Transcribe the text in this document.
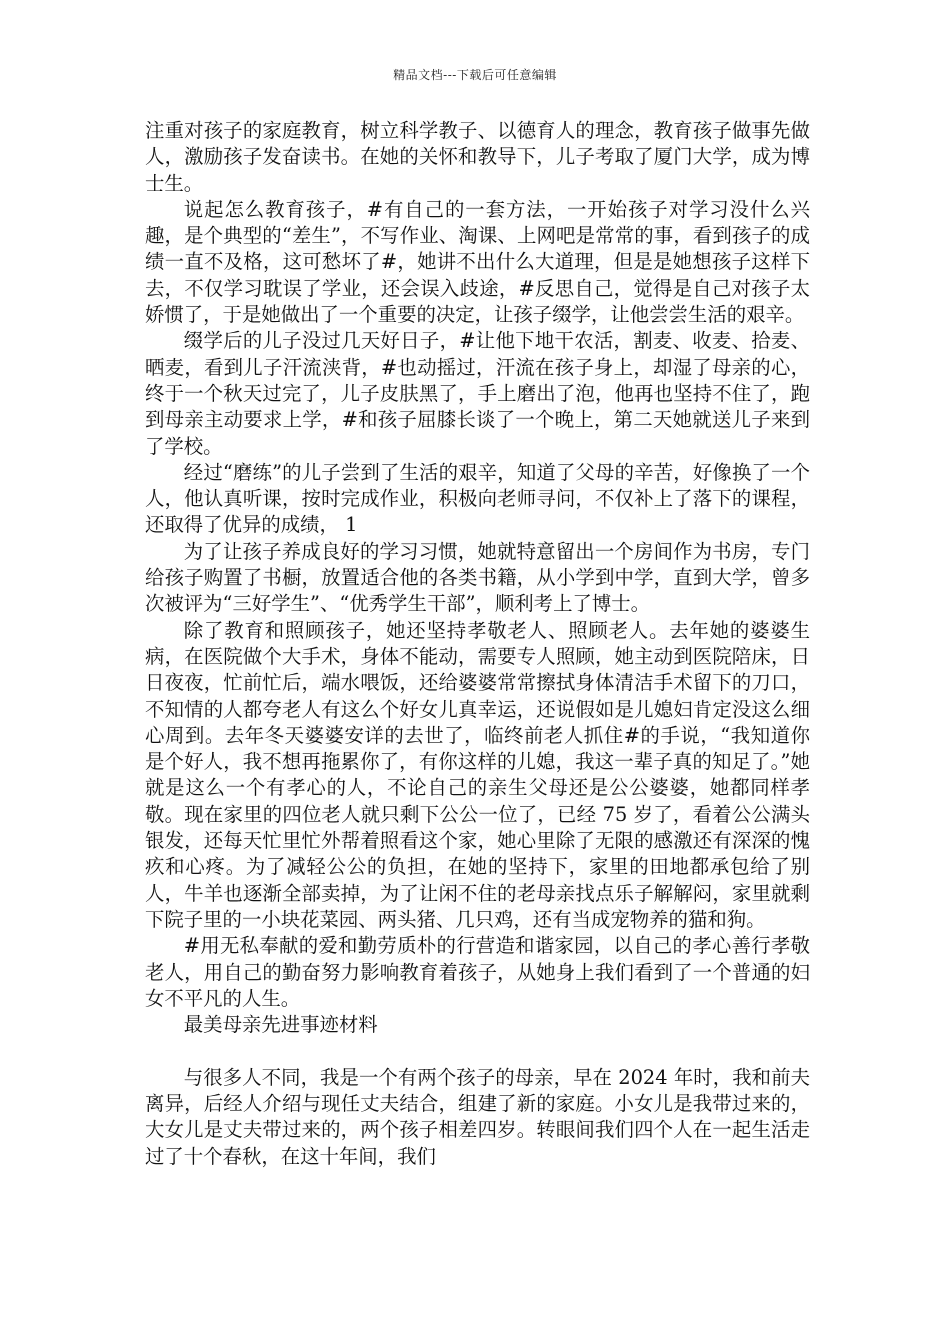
精品文档---下载后可任意编辑

注重对孩子的家庭教育，树立科学教子、以德育人的理念，教育孩子做事先做人，激励孩子发奋读书。在她的关怀和教导下，儿子考取了厦门大学，成为博士生。

说起怎么教育孩子，#有自己的一套方法，一开始孩子对学习没什么兴趣，是个典型的“差生”，不写作业、淘课、上网吧是常常的事，看到孩子的成绩一直不及格，这可愁坏了#，她讲不出什么大道理，但是是她想孩子这样下去，不仅学习耽误了学业，还会误入歧途，#反思自己，觉得是自己对孩子太娇惯了，于是她做出了一个重要的决定，让孩子缀学，让他尝尝生活的艰辛。

缀学后的儿子没过几天好日子，#让他下地干农活，割麦、收麦、拾麦、晒麦，看到儿子汗流浃背，#也动摇过，汗流在孩子身上，却湿了母亲的心，终于一个秋天过完了，儿子皮肤黑了，手上磨出了泡，他再也坚持不住了，跑到母亲主动要求上学，#和孩子屈膝长谈了一个晚上，第二天她就送儿子来到了学校。

经过“磨练”的儿子尝到了生活的艰辛，知道了父母的辛苦，好像换了一个人，他认真听课，按时完成作业，积极向老师寻问，不仅补上了落下的课程，还取得了优异的成绩， 1

为了让孩子养成良好的学习习惯，她就特意留出一个房间作为书房，专门给孩子购置了书橱，放置适合他的各类书籍，从小学到中学，直到大学，曾多次被评为“三好学生”、“优秀学生干部”，顺利考上了博士。

除了教育和照顾孩子，她还坚持孝敬老人、照顾老人。去年她的婆婆生病，在医院做个大手术，身体不能动，需要专人照顾，她主动到医院陪床，日日夜夜，忙前忙后，端水喂饭，还给婆婆常常擦拭身体清洁手术留下的刀口，不知情的人都夸老人有这么个好女儿真幸运，还说假如是儿媳妇肯定没这么细心周到。去年冬天婆婆安详的去世了，临终前老人抓住#的手说，“我知道你是个好人，我不想再拖累你了，有你这样的儿媳，我这一辈子真的知足了。”她就是这么一个有孝心的人，不论自己的亲生父母还是公公婆婆，她都同样孝敬。现在家里的四位老人就只剩下公公一位了，已经 75 岁了，看着公公满头银发，还每天忙里忙外帮着照看这个家，她心里除了无限的感激还有深深的愧疚和心疼。为了减轻公公的负担，在她的坚持下，家里的田地都承包给了别人，牛羊也逐渐全部卖掉，为了让闲不住的老母亲找点乐子解解闷，家里就剩下院子里的一小块花菜园、两头猪、几只鸡，还有当成宠物养的猫和狗。

#用无私奉献的爱和勤劳质朴的行营造和谐家园，以自己的孝心善行孝敬老人，用自己的勤奋努力影响教育着孩子，从她身上我们看到了一个普通的妇女不平凡的人生。

最美母亲先进事迹材料

与很多人不同，我是一个有两个孩子的母亲，早在 2024 年时，我和前夫离异，后经人介绍与现任丈夫结合，组建了新的家庭。小女儿是我带过来的，大女儿是丈夫带过来的，两个孩子相差四岁。转眼间我们四个人在一起生活走过了十个春秋，在这十年间，我们
